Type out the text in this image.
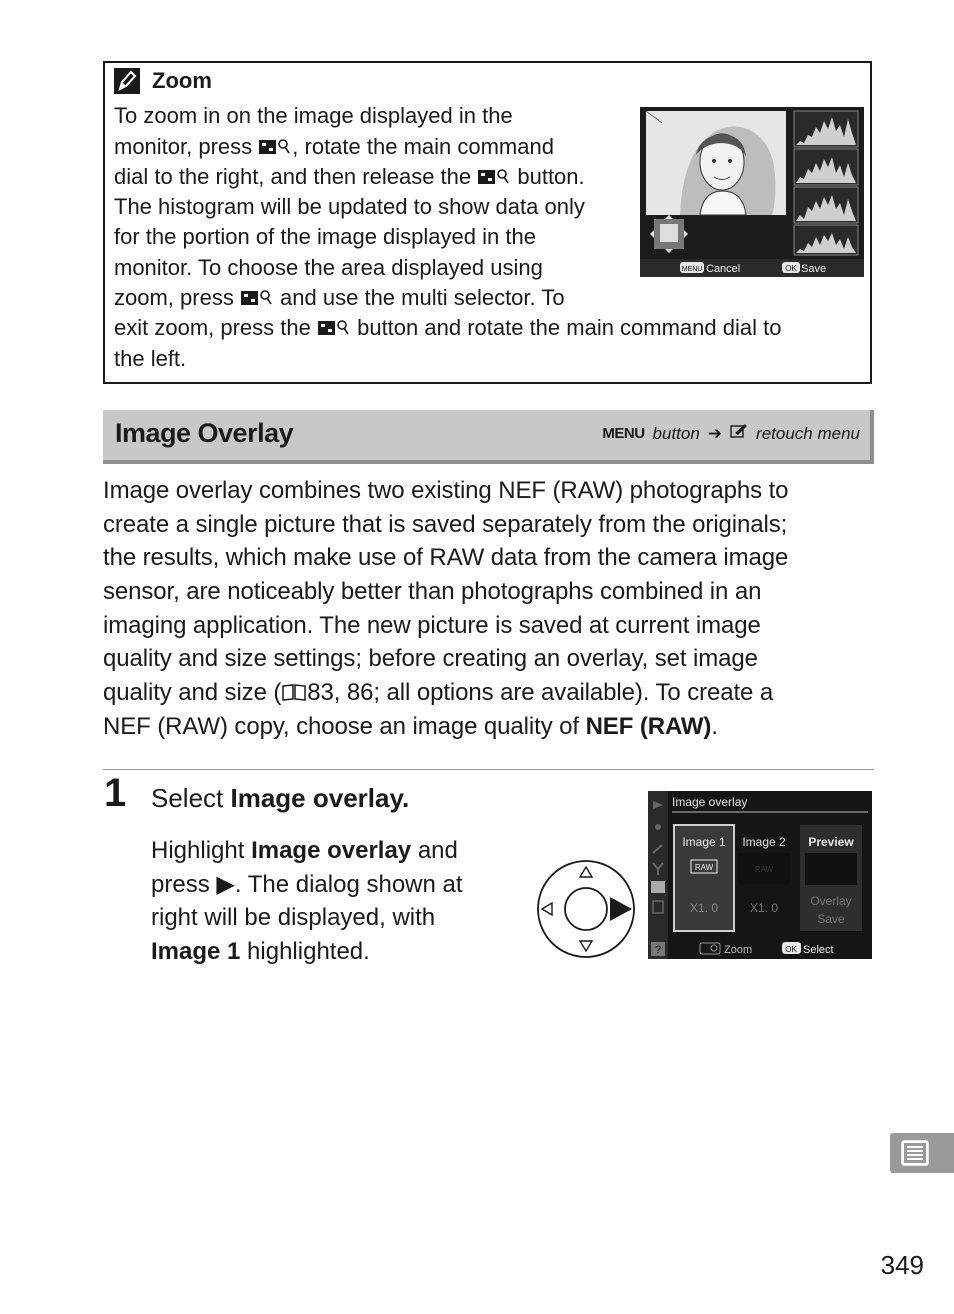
Zoom
To zoom in on the image displayed in the
monitor, press , rotate the main command
dial to the right, and then release the  button.
The histogram will be updated to show data only
for the portion of the image displayed in the
monitor. To choose the area displayed using
zoom, press  and use the multi selector. To
exit zoom, press the  button and rotate the main command dial to
the left.
MENU Cancel	OK Save
Image Overlay	MENU button ➔ retouch menu
Image overlay combines two existing NEF (RAW) photographs to
create a single picture that is saved separately from the originals;
the results, which make use of RAW data from the camera image
sensor, are noticeably better than photographs combined in an
imaging application. The new picture is saved at current image
quality and size settings; before creating an overlay, set image
quality and size ( 83, 86; all options are available). To create a
NEF (RAW) copy, choose an image quality of NEF (RAW).
1 Select Image overlay.
Highlight Image overlay and
press ▶. The dialog shown at
right will be displayed, with
Image 1 highlighted.	?
Image overlay
Image 1
RAW
X1. 0
Image 2
RAW
X1. 0
Preview
Overlay
Save
Zoom	OK Select
349
